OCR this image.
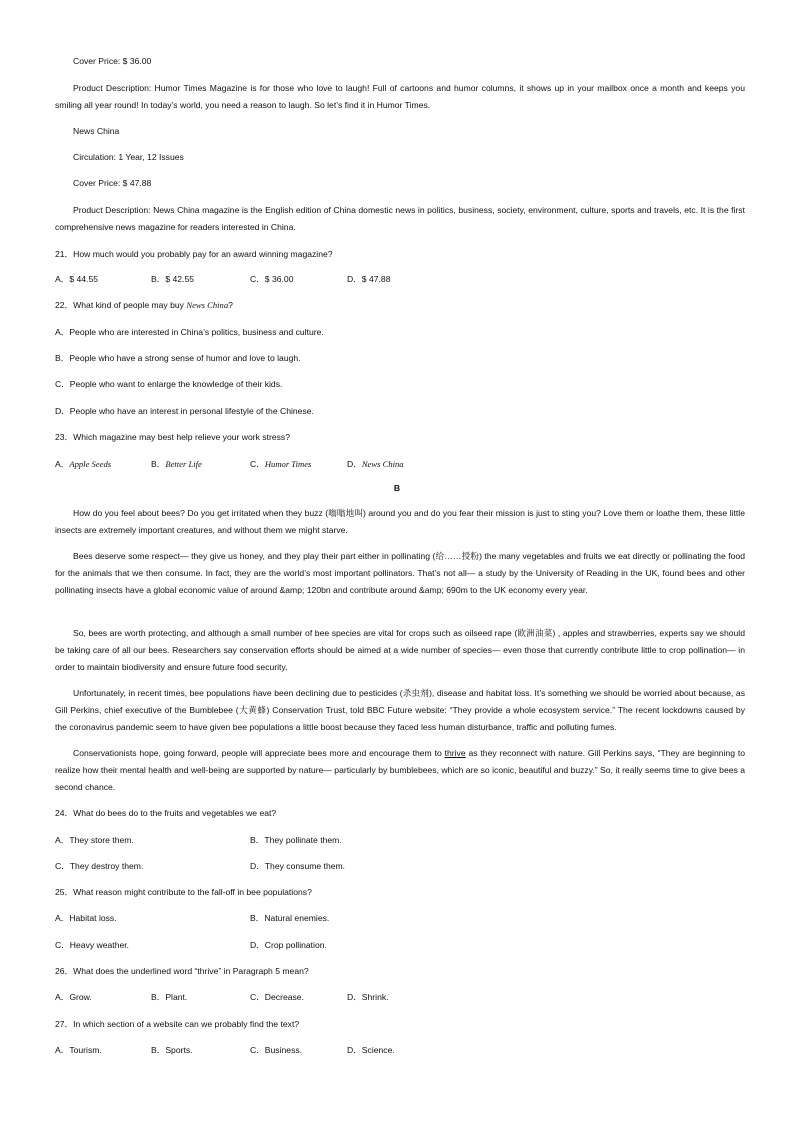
Cover Price: $ 36.00
Product Description: Humor Times Magazine is for those who love to laugh! Full of cartoons and humor columns, it shows up in your mailbox once a month and keeps you smiling all year round! In today’s world, you need a reason to laugh. So let’s find it in Humor Times.
News China
Circulation: 1 Year, 12 Issues
Cover Price: $ 47.88
Product Description: News China magazine is the English edition of China domestic news in politics, business, society, environment, culture, sports and travels, etc. It is the first comprehensive news magazine for readers interested in China.
21．How much would you probably pay for an award winning magazine?
A．$ 44.55	B．$ 42.55	C．$ 36.00	D．$ 47.88
22．What kind of people may buy News China?
A．People who are interested in China’s politics, business and culture.
B．People who have a strong sense of humor and love to laugh.
C．People who want to enlarge the knowledge of their kids.
D．People who have an interest in personal lifestyle of the Chinese.
23．Which magazine may best help relieve your work stress?
A．Apple Seeds	B．Better Life	C．Humor Times	D．News China
B
How do you feel about bees? Do you get irritated when they buzz (嗡嗡地叫) around you and do you fear their mission is just to sting you? Love them or loathe them, these little insects are extremely important creatures, and without them we might starve.
Bees deserve some respect— they give us honey, and they play their part either in pollinating (给……授粉) the many vegetables and fruits we eat directly or pollinating the food for the animals that we then consume. In fact, they are the world’s most important pollinators. That’s not all— a study by the University of Reading in the UK, found bees and other pollinating insects have a global economic value of around &amp; 120bn and contribute around &amp; 690m to the UK economy every year.
So, bees are worth protecting, and although a small number of bee species are vital for crops such as oilseed rape (欧洲油菜) , apples and strawberries, experts say we should be taking care of all our bees. Researchers say conservation efforts should be aimed at a wide number of species— even those that currently contribute little to crop pollination— in order to maintain biodiversity and ensure future food security.
Unfortunately, in recent times, bee populations have been declining due to pesticides (杀虫剂), disease and habitat loss. It’s something we should be worried about because, as Gill Perkins, chief executive of the Bumblebee (大黄蜂) Conservation Trust, told BBC Future website: “They provide a whole ecosystem service.” The recent lockdowns caused by the coronavirus pandemic seem to have given bee populations a little boost because they faced less human disturbance, traffic and polluting fumes.
Conservationists hope, going forward, people will appreciate bees more and encourage them to thrive as they reconnect with nature. Gill Perkins says, “They are beginning to realize how their mental health and well-being are supported by nature— particularly by bumblebees, which are so iconic, beautiful and buzzy.” So, it really seems time to give bees a second chance.
24．What do bees do to the fruits and vegetables we eat?
A．They store them.	B．They pollinate them.
C．They destroy them.	D．They consume them.
25．What reason might contribute to the fall-off in bee populations?
A．Habitat loss.	B．Natural enemies.
C．Heavy weather.	D．Crop pollination.
26．What does the underlined word “thrive” in Paragraph 5 mean?
A．Grow.	B．Plant.	C．Decrease.	D．Shrink.
27．In which section of a website can we probably find the text?
A．Tourism.	B．Sports.	C．Business.	D．Science.
